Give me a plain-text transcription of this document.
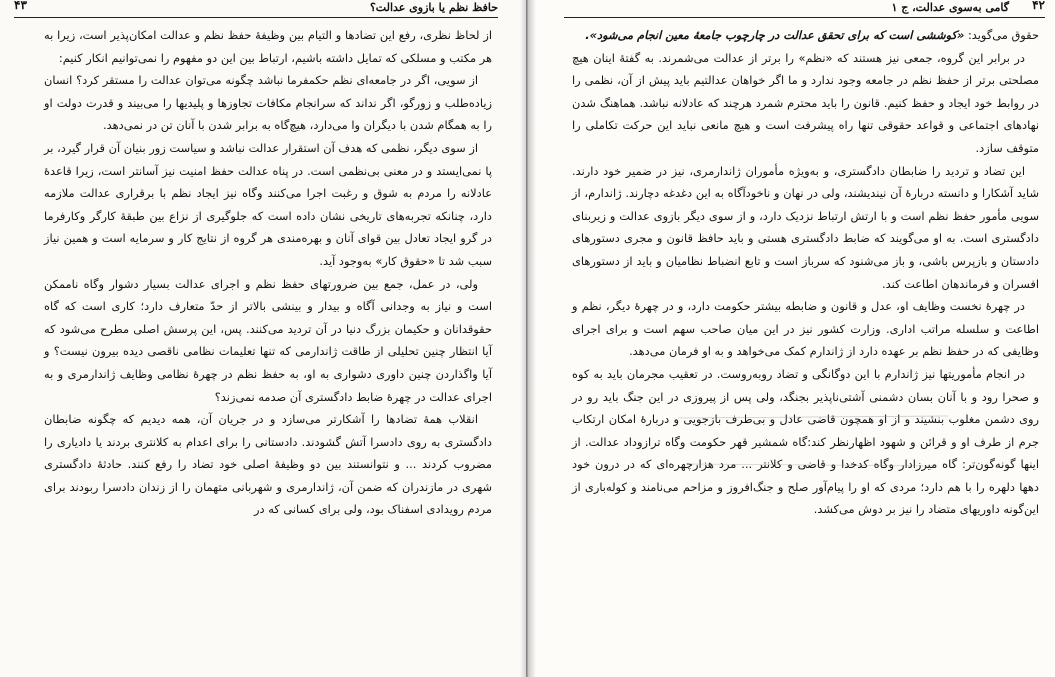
۴۳	حافظ نظم یا بازوی عدالت؟

از لحاظ نظری، رفع این تضادها و التیام بین وظیفهٔ حفظ نظم و عدالت امکان‌پذیر است، زیرا به هر مکتب و مسلکی که تمایل داشته باشیم، ارتباط بین این دو مفهوم را نمی‌توانیم انکار کنیم:

از سویی، اگر در جامعه‌ای نظم حکمفرما نباشد چگونه می‌توان عدالت را مستقر کرد؟ انسان زیاده‌طلب و زورگو، اگر نداند که سرانجام مکافات تجاوزها و پلیدیها را می‌بیند و قدرت دولت او را به همگام شدن با دیگران وا می‌دارد، هیچ‌گاه به برابر شدن با آنان تن در نمی‌دهد.

از سوی دیگر، نظمی که هدف آن استقرار عدالت نباشد و سیاست زور بنیان آن قرار گیرد، بر پا نمی‌ایستد و در معنی بی‌نظمی است. در پناه عدالت حفظ امنیت نیز آسانتر است، زیرا قاعدهٔ عادلانه را مردم به شوق و رغبت اجرا می‌کنند وگاه نیز ایجاد نظم با برقراری عدالت ملازمه دارد، چنانکه تجربه‌های تاریخی نشان داده است که جلوگیری از نزاع بین طبقهٔ کارگر وکارفرما در گرو ایجاد تعادل بین قوای آنان و بهره‌مندی هر گروه از نتایج کار و سرمایه است و همین نیاز سبب شد تا «حقوق کار» به‌وجود آید.

ولی، در عمل، جمع بین ضرورتهای حفظ نظم و اجرای عدالت بسیار دشوار وگاه ناممکن است و نیاز به وجدانی آگاه و بیدار و بینشی بالاتر از حدّ متعارف دارد؛ کاری است که گاه حقوقدانان و حکیمان بزرگ دنیا در آن تردید می‌کنند. پس، این پرسش اصلی مطرح می‌شود که آیا انتظار چنین تحلیلی از طاقت ژاندارمی که تنها تعلیمات نظامی ناقصی دیده بیرون نیست؟ و آیا واگذاردن چنین داوری دشواری به او، به حفظ نظم در چهرهٔ نظامی وظایف ژاندارمری و به اجرای عدالت در چهرهٔ ضابط دادگستری آن صدمه نمی‌زند؟

انقلاب همهٔ تضادها را آشکارتر می‌سازد و در جریان آن، همه دیدیم که چگونه ضابطان دادگستری به روی دادسرا آتش گشودند. دادستانی را برای اعدام به کلانتری بردند یا دادیاری را مضروب کردند ... و نتوانستند بین دو وظیفهٔ اصلی خود تضاد را رفع کنند. حادثهٔ دادگستری شهری در مازندران که ضمن آن، ژاندارمری و شهربانی متهمان را از زندان دادسرا ربودند برای مردم رویدادی اسفناک بود، ولی برای کسانی که در

۴۲
گامی به‌سوی عدالت، ج ۱

حقوق می‌گوید: «کوششی است که برای تحقق عدالت در چارچوب جامعهٔ معین انجام می‌شود».

در برابر این گروه، جمعی نیز هستند که «نظم» را برتر از عدالت می‌شمرند. به گفتهٔ اینان هیچ مصلحتی برتر از حفظ نظم در جامعه وجود ندارد و ما اگر خواهان عدالتیم باید پیش از آن، نظمی را در روابط خود ایجاد و حفظ کنیم. قانون را باید محترم شمرد هرچند که عادلانه نباشد. هماهنگ شدن نهادهای اجتماعی و قواعد حقوقی تنها راه پیشرفت است و هیچ مانعی نباید این حرکت تکاملی را متوقف سازد.

این تضاد و تردید را ضابطان دادگستری، و به‌ویژه مأموران ژاندارمری، نیز در ضمیر خود دارند. شاید آشکارا و دانسته دربارهٔ آن نیندیشند، ولی در نهان و ناخودآگاه به این دغدغه دچارند. ژاندارم، از سویی مأمور حفظ نظم است و با ارتش ارتباط نزدیک دارد، و از سوی دیگر بازوی عدالت و زیربنای دادگستری است. به او می‌گویند که ضابط دادگستری هستی و باید حافظ قانون و مجری دستورهای دادستان و بازپرس باشی، و باز می‌شنود که سرباز است و تابع انضباط نظامیان و باید از دستورهای افسران و فرماندهان اطاعت کند.

در چهرهٔ نخست وظایف او، عدل و قانون و ضابطه بیشتر حکومت دارد، و در چهرهٔ دیگر، نظم و اطاعت و سلسله مراتب اداری. وزارت کشور نیز در این میان صاحب سهم است و برای اجرای وظایفی که در حفظ نظم بر عهده دارد از ژاندارم کمک می‌خواهد و به او فرمان می‌دهد.

در انجام مأموریتها نیز ژاندارم با این دوگانگی و تضاد روبه‌روست. در تعقیب مجرمان باید به کوه و صحرا رود و با آنان بسان دشمنی آشتی‌ناپذیر بجنگد، ولی پس از پیروزی در این جنگ باید رو در روی دشمن مغلوب بنشیند و از او همچون قاضی عادل و بی‌طرف بازجویی و دربارهٔ امکان ارتکاب جرم از طرف او و قرائن و شهود اظهارنظر کند:گاه شمشیر قهر حکومت وگاه ترازوداد عدالت. از اینها گونه‌گون‌تر: گاه میرزادار وگاه کدخدا و قاضی و کلانتر ... مرد هزارچهره‌ای که در درون خود دهها دلهره را با هم دارد؛ مردی که او را پیام‌آور صلح و جنگ‌افروز و مزاحم می‌نامند و کوله‌باری از این‌گونه داوریهای متضاد را نیز بر دوش می‌کشد.
